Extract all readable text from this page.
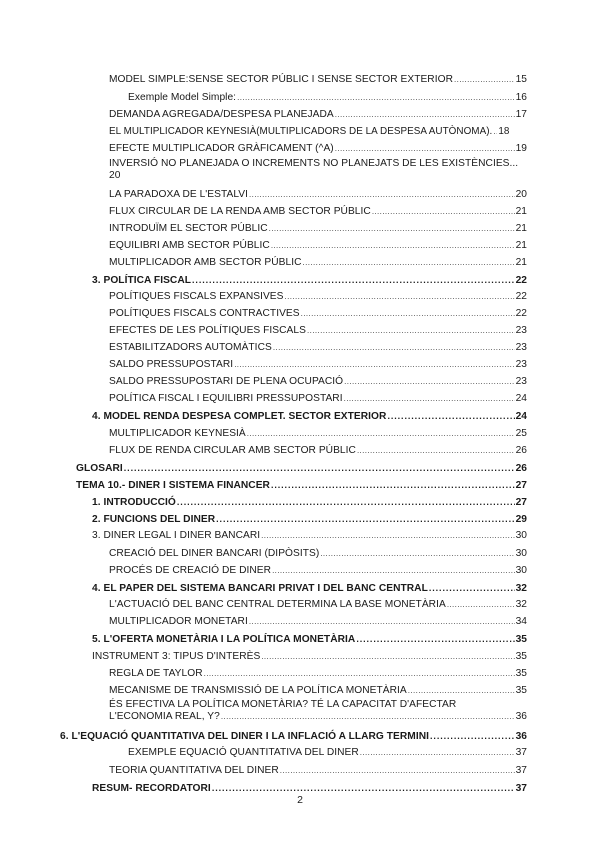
MODEL SIMPLE:SENSE SECTOR PÚBLIC I SENSE SECTOR EXTERIOR .....	15
Exemple Model Simple: .....	16
DEMANDA AGREGADA/DESPESA PLANEJADA .....	17
EL MULTIPLICADOR KEYNESIÀ(MULTIPLICADORS DE LA DESPESA AUTÒNOMA). ..... 18
EFECTE MULTIPLICADOR GRÀFICAMENT (^A) .....	19
INVERSIÓ NO PLANEJADA O INCREMENTS NO PLANEJATS DE LES EXISTÈNCIES...
20
LA PARADOXA DE L'ESTALVI .....	20
FLUX CIRCULAR DE LA RENDA AMB SECTOR PÚBLIC .....	21
INTRODUÏM EL SECTOR PÚBLIC .....	21
EQUILIBRI AMB SECTOR PÚBLIC .....	21
MULTIPLICADOR AMB SECTOR PÚBLIC .....	21
3. POLÍTICA FISCAL .....	22
POLÍTIQUES FISCALS EXPANSIVES .....	22
POLÍTIQUES FISCALS CONTRACTIVES .....	22
EFECTES DE LES POLÍTIQUES FISCALS .....	23
ESTABILITZADORS AUTOMÀTICS .....	23
SALDO PRESSUPOSTARI .....	23
SALDO PRESSUPOSTARI DE PLENA OCUPACIÓ .....	23
POLÍTICA FISCAL I EQUILIBRI PRESSUPOSTARI .....	24
4. MODEL RENDA DESPESA COMPLET. SECTOR EXTERIOR .....	24
MULTIPLICADOR KEYNESIÀ .....	25
FLUX DE RENDA CIRCULAR AMB SECTOR PÚBLIC .....	26
GLOSARI .....	26
TEMA 10.- DINER I SISTEMA FINANCER .....	27
1. INTRODUCCIÓ .....	27
2. FUNCIONS DEL DINER .....	29
3. DINER LEGAL I DINER BANCARI .....	30
CREACIÓ DEL DINER BANCARI (DIPÒSITS) .....	30
PROCÉS DE CREACIÓ DE DINER .....	30
4. EL PAPER DEL SISTEMA BANCARI PRIVAT I DEL BANC CENTRAL .....	32
L'ACTUACIÓ DEL BANC CENTRAL DETERMINA LA BASE MONETÀRIA .....	32
MULTIPLICADOR MONETARI .....	34
5. L'OFERTA MONETÀRIA I LA POLÍTICA MONETÀRIA .....	35
INSTRUMENT 3: TIPUS D'INTERÈS .....	35
REGLA DE TAYLOR .....	35
MECANISME DE TRANSMISSIÓ DE LA POLÍTICA MONETÀRIA .....	35
ÉS EFECTIVA LA POLÍTICA MONETÀRIA? TÉ LA CAPACITAT D'AFECTAR
L'ECONOMIA REAL, Y? .....	36
6. L'EQUACIÓ QUANTITATIVA DEL DINER I LA INFLACIÓ A LLARG TERMINI .....	36
EXEMPLE EQUACIÓ QUANTITATIVA DEL DINER .....	37
TEORIA QUANTITATIVA DEL DINER .....	37
RESUM- RECORDATORI .....	37
2
